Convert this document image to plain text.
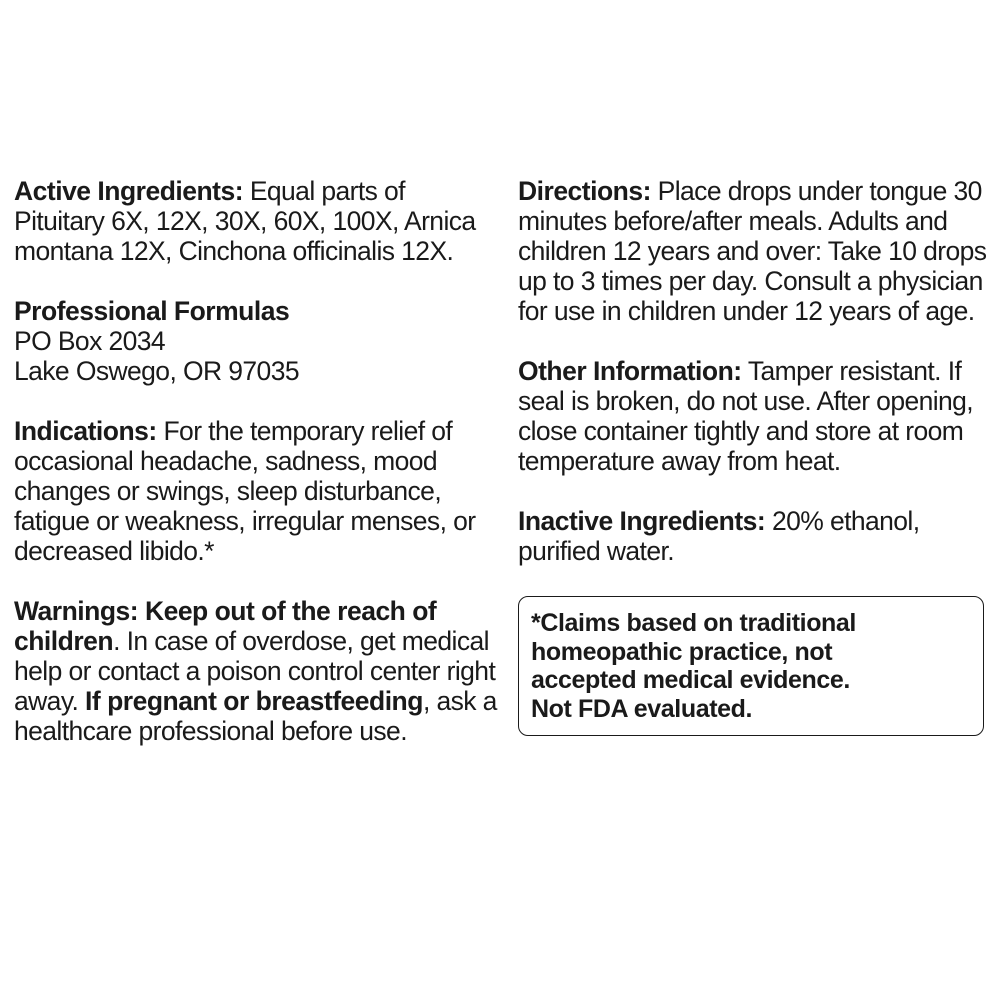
Active Ingredients: Equal parts of Pituitary 6X, 12X, 30X, 60X, 100X, Arnica montana 12X, Cinchona officinalis 12X.

Professional Formulas

PO Box 2034

Lake Oswego, OR 97035

Indications: For the temporary relief of occasional headache, sadness, mood changes or swings, sleep disturbance, fatigue or weakness, irregular menses, or decreased libido.*

Warnings: Keep out of the reach of children. In case of overdose, get medical help or contact a poison control center right away. If pregnant or breastfeeding, ask a healthcare professional before use.

Directions: Place drops under tongue 30 minutes before/after meals. Adults and children 12 years and over: Take 10 drops up to 3 times per day. Consult a physician for use in children under 12 years of age.

Other Information: Tamper resistant. If seal is broken, do not use. After opening, close container tightly and store at room temperature away from heat.

Inactive Ingredients: 20% ethanol, purified water.

*Claims based on traditional
homeopathic practice, not
accepted medical evidence.
Not FDA evaluated.
